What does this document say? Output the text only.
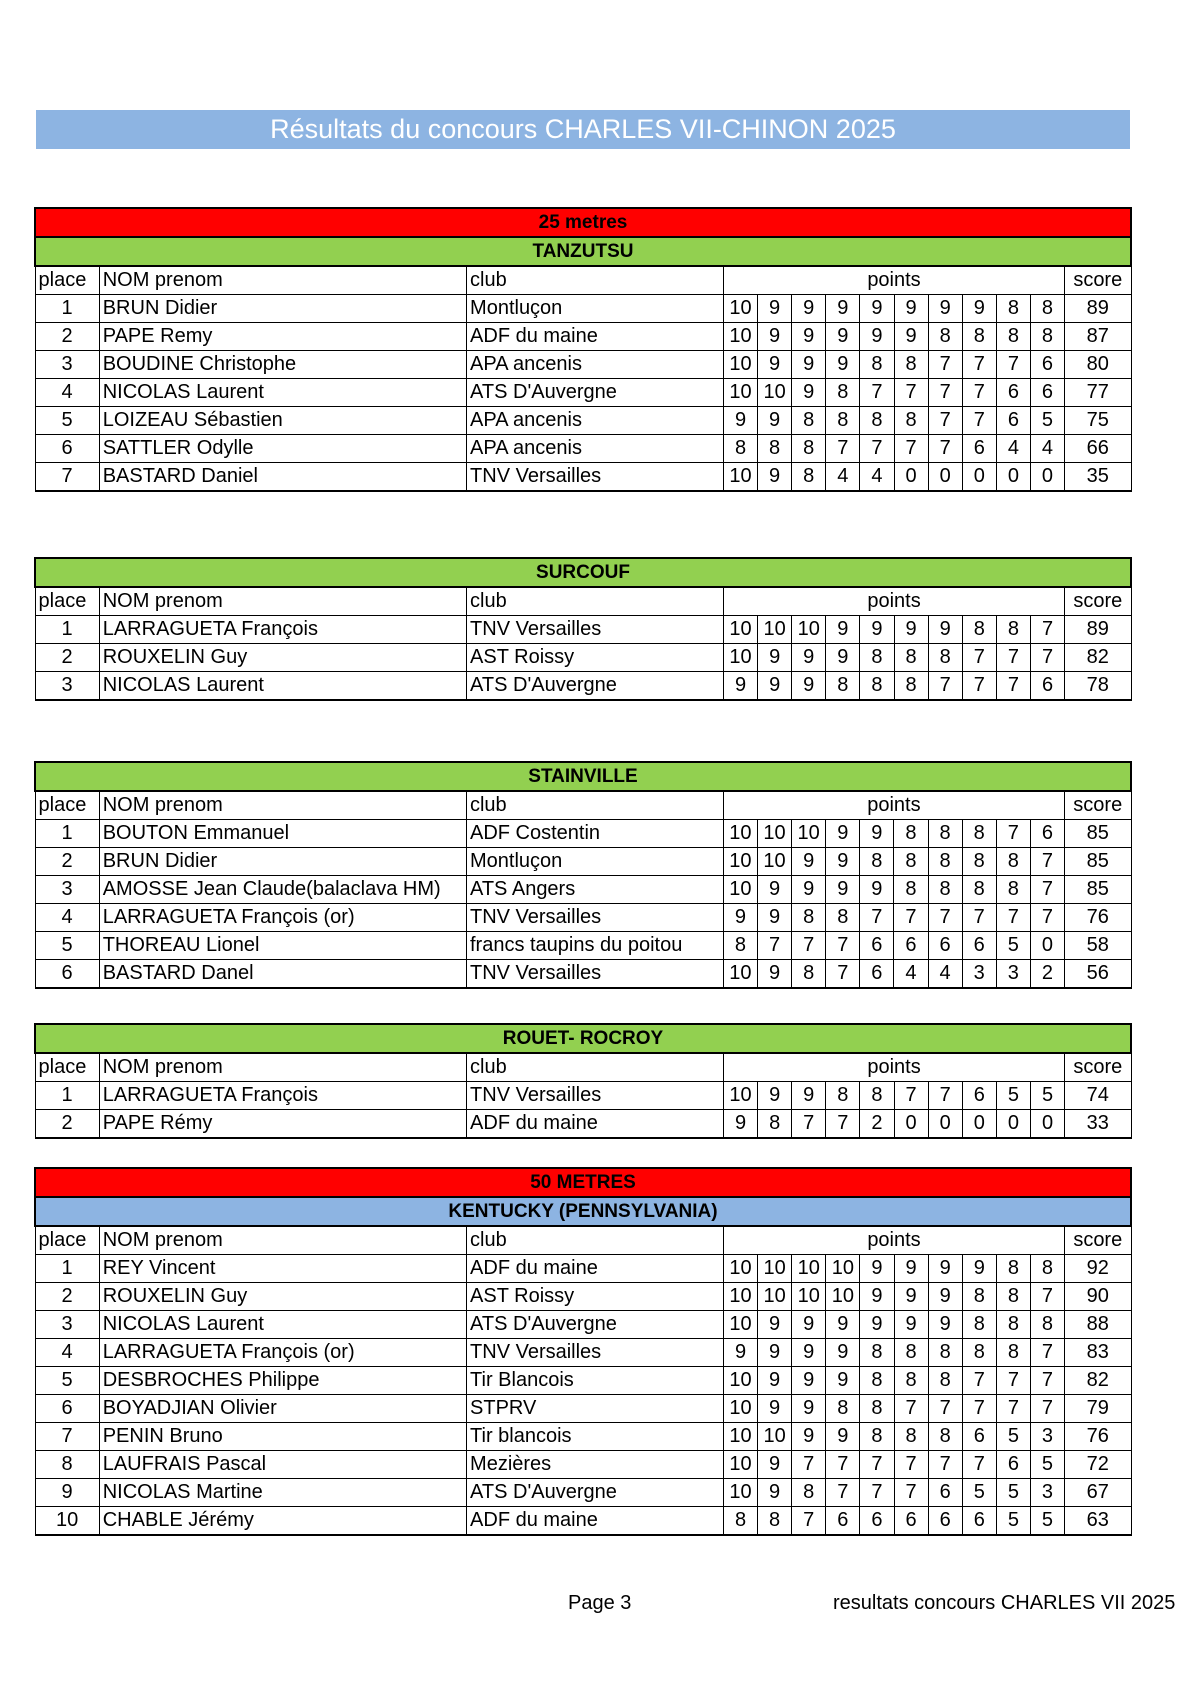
Résultats du concours CHARLES VII-CHINON 2025
25 metres													
TANZUTSU													
place	NOM prenom	club	points										score
1	BRUN Didier	Montluçon	10	9	9	9	9	9	9	9	8	8	89
2	PAPE Remy	ADF du maine	10	9	9	9	9	9	8	8	8	8	87
3	BOUDINE Christophe	APA ancenis	10	9	9	9	8	8	7	7	7	6	80
4	NICOLAS Laurent	ATS D'Auvergne	10	10	9	8	7	7	7	7	6	6	77
5	LOIZEAU Sébastien	APA ancenis	9	9	8	8	8	8	7	7	6	5	75
6	SATTLER Odylle	APA ancenis	8	8	8	7	7	7	7	6	4	4	66
7	BASTARD Daniel	TNV Versailles	10	9	8	4	4	0	0	0	0	0	35
SURCOUF													
place	NOM prenom	club	points										score
1	LARRAGUETA François	TNV Versailles	10	10	10	9	9	9	9	8	8	7	89
2	ROUXELIN Guy	AST Roissy	10	9	9	9	8	8	8	7	7	7	82
3	NICOLAS Laurent	ATS D'Auvergne	9	9	9	8	8	8	7	7	7	6	78
STAINVILLE													
place	NOM prenom	club	points										score
1	BOUTON Emmanuel	ADF Costentin	10	10	10	9	9	8	8	8	7	6	85
2	BRUN Didier	Montluçon	10	10	9	9	8	8	8	8	8	7	85
3	AMOSSE Jean Claude(balaclava HM)	ATS Angers	10	9	9	9	9	8	8	8	8	7	85
4	LARRAGUETA François (or)	TNV Versailles	9	9	8	8	7	7	7	7	7	7	76
5	THOREAU Lionel	francs taupins du poitou	8	7	7	7	6	6	6	6	5	0	58
6	BASTARD Danel	TNV Versailles	10	9	8	7	6	4	4	3	3	2	56
ROUET- ROCROY													
place	NOM prenom	club	points										score
1	LARRAGUETA François	TNV Versailles	10	9	9	8	8	7	7	6	5	5	74
2	PAPE Rémy	ADF du maine	9	8	7	7	2	0	0	0	0	0	33
50 METRES													
KENTUCKY (PENNSYLVANIA)													
place	NOM prenom	club	points										score
1	REY Vincent	ADF du maine	10	10	10	10	9	9	9	9	8	8	92
2	ROUXELIN Guy	AST Roissy	10	10	10	10	9	9	9	8	8	7	90
3	NICOLAS Laurent	ATS D'Auvergne	10	9	9	9	9	9	9	8	8	8	88
4	LARRAGUETA François (or)	TNV Versailles	9	9	9	9	8	8	8	8	8	7	83
5	DESBROCHES Philippe	Tir Blancois	10	9	9	9	8	8	8	7	7	7	82
6	BOYADJIAN Olivier	STPRV	10	9	9	8	8	7	7	7	7	7	79
7	PENIN Bruno	Tir blancois	10	10	9	9	8	8	8	6	5	3	76
8	LAUFRAIS Pascal	Mezières	10	9	7	7	7	7	7	7	6	5	72
9	NICOLAS Martine	ATS D'Auvergne	10	9	8	7	7	7	6	5	5	3	67
10	CHABLE Jérémy	ADF du maine	8	8	7	6	6	6	6	6	5	5	63
Page 3	resultats concours CHARLES VII 2025
